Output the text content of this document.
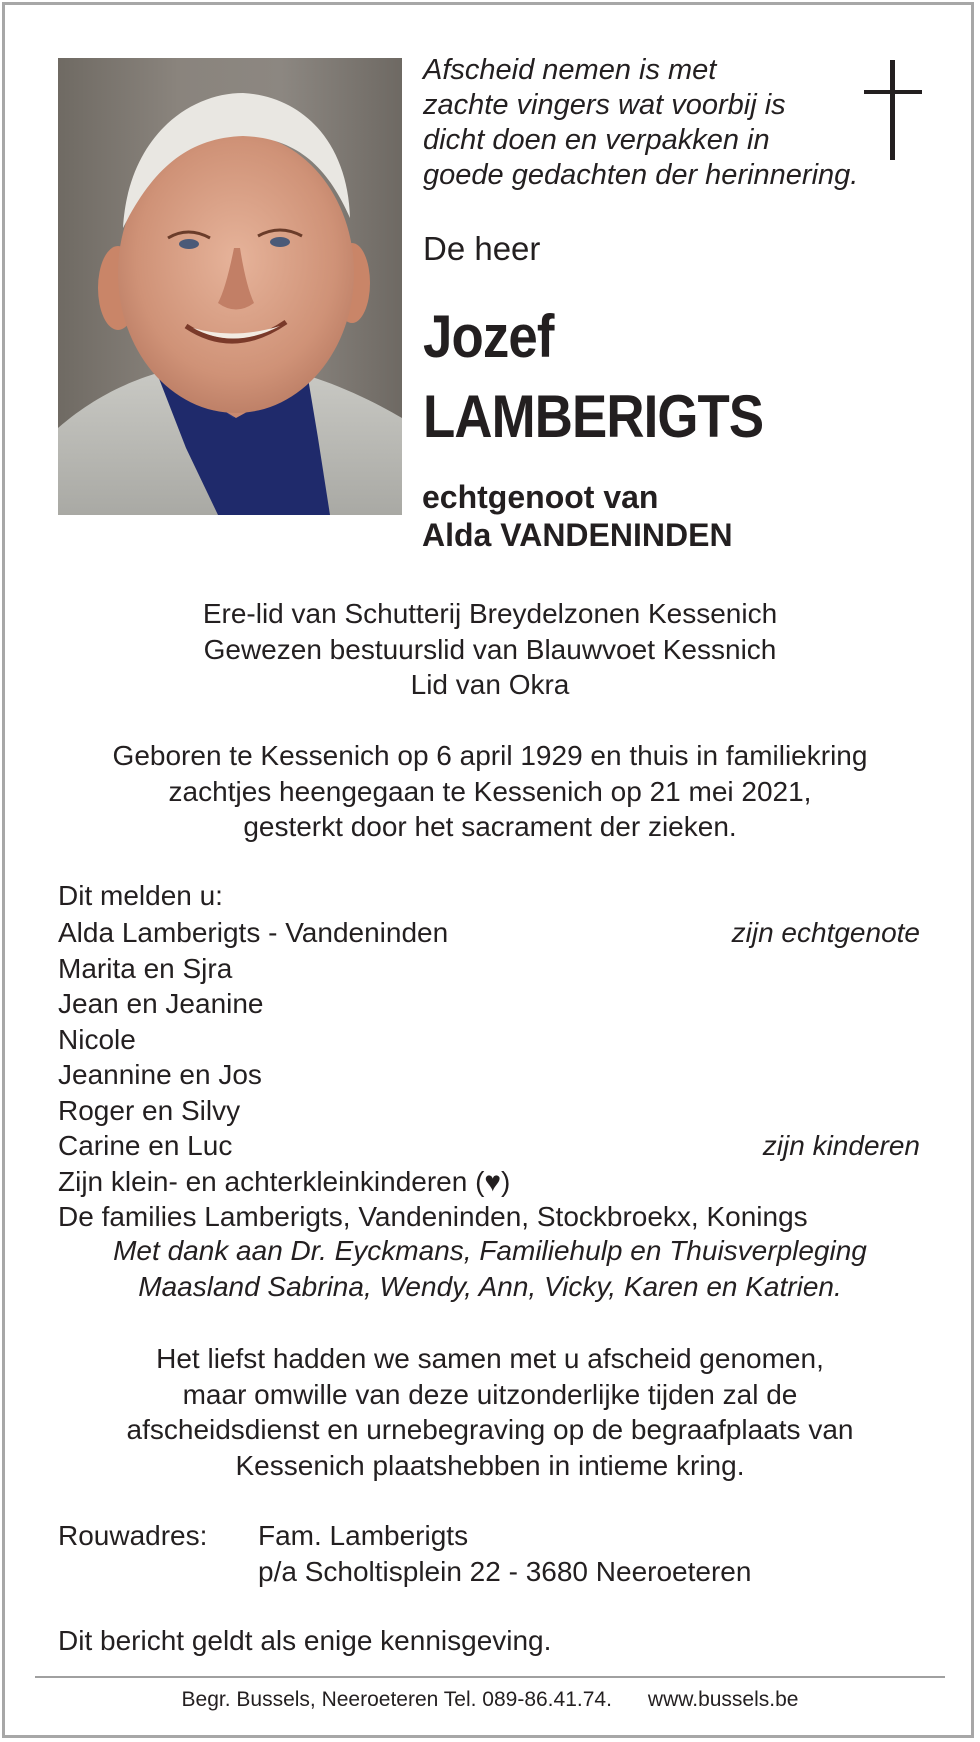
Afscheid nemen is met
zachte vingers wat voorbij is
dicht doen en verpakken in
goede gedachten der herinnering.
De heer
Jozef
LAMBERIGTS
echtgenoot van
Alda VANDENINDEN
Ere-lid van Schutterij Breydelzonen Kessenich
Gewezen bestuurslid van Blauwvoet Kessnich
Lid van Okra
Geboren te Kessenich op 6 april 1929 en thuis in familiekring
zachtjes heengegaan te Kessenich op 21 mei 2021,
gesterkt door het sacrament der zieken.
Dit melden u:
Alda Lamberigts - Vandeninden	zijn echtgenote
Marita en Sjra
Jean en Jeanine
Nicole
Jeannine en Jos
Roger en Silvy
Carine en Luc	zijn kinderen
Zijn klein- en achterkleinkinderen (♥)
De families Lamberigts, Vandeninden, Stockbroekx, Konings
Met dank aan Dr. Eyckmans, Familiehulp en Thuisverpleging
Maasland Sabrina, Wendy, Ann, Vicky, Karen en Katrien.
Het liefst hadden we samen met u afscheid genomen,
maar omwille van deze uitzonderlijke tijden zal de
afscheidsdienst en urnebegraving op de begraafplaats van
Kessenich plaatshebben in intieme kring.
Rouwadres: Fam. Lamberigts
p/a Scholtisplein 22 - 3680 Neeroeteren
Dit bericht geldt als enige kennisgeving.
Begr. Bussels, Neeroeteren Tel. 089-86.41.74. www.bussels.be
